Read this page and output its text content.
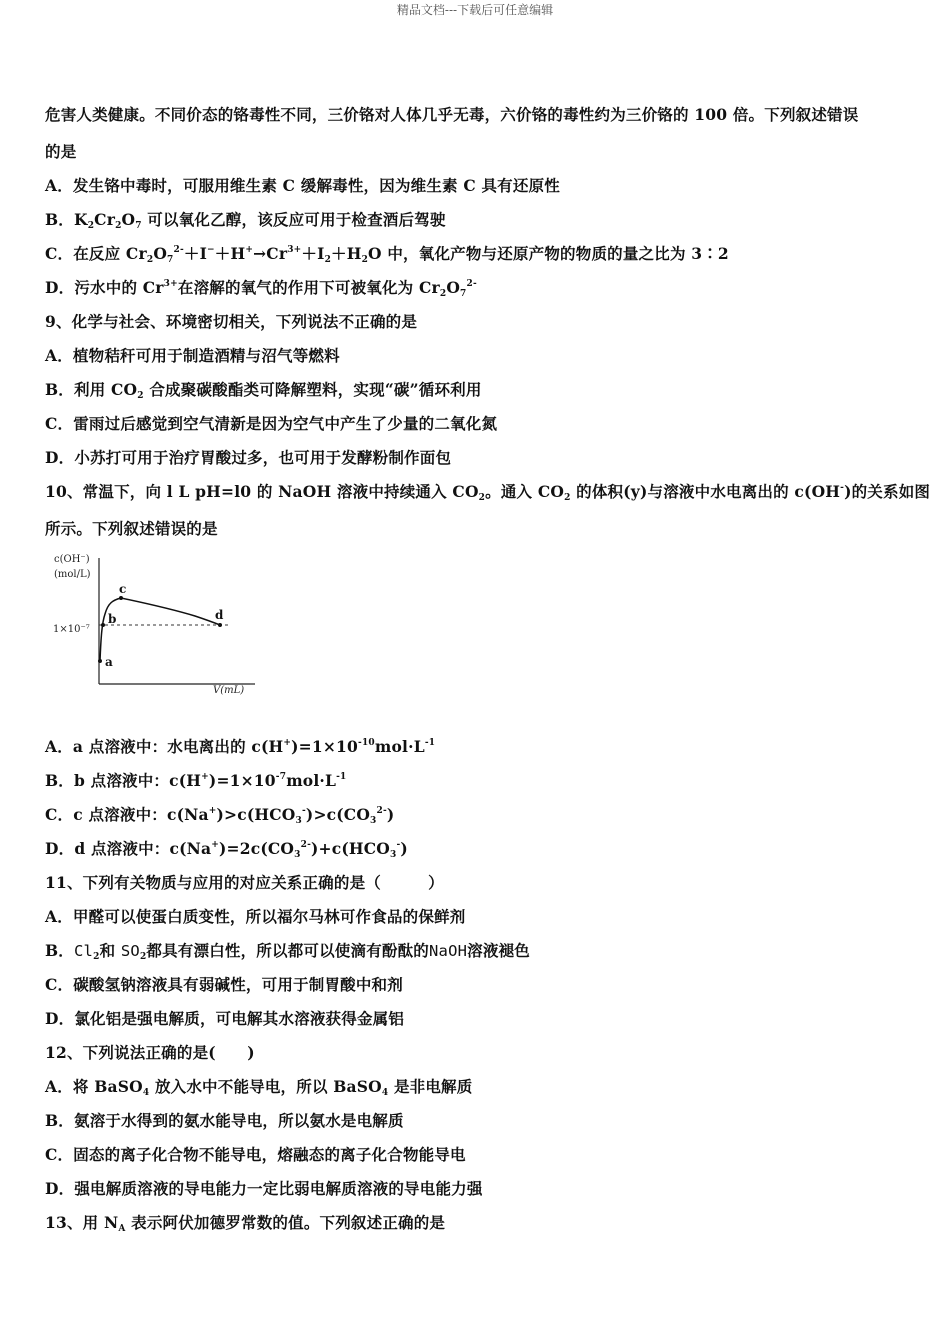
精品文档---下载后可任意编辑
危害人类健康。不同价态的铬毒性不同，三价铬对人体几乎无毒，六价铬的毒性约为三价铬的 100 倍。下列叙述错误
的是
A．发生铬中毒时，可服用维生素 C 缓解毒性，因为维生素 C 具有还原性
B．$K_2Cr_2O_7$ 可以氧化乙醇，该反应可用于检查酒后驾驶
C．在反应 $Cr_2O_7^{2-}+I^-+H^+\to Cr^{3+}+I_2+H_2O$ 中，氧化产物与还原产物的物质的量之比为 3∶2
D．污水中的 $Cr^{3+}$在溶解的氧气的作用下可被氧化为 $Cr_2O_7^{2-}$
9、化学与社会、环境密切相关，下列说法不正确的是
A．植物秸秆可用于制造酒精与沼气等燃料
B．利用 $CO_2$ 合成聚碳酸酯类可降解塑料，实现“碳”循环利用
C．雷雨过后感觉到空气清新是因为空气中产生了少量的二氧化氮
D．小苏打可用于治疗胃酸过多，也可用于发酵粉制作面包
10、常温下，向 l L pH=l0 的 NaOH 溶液中持续通入 $CO_2$。通入 $CO_2$ 的体积(y)与溶液中水电离出的 c(OH-)的关系如图
所示。下列叙述错误的是
c(OH⁻)
(mol/L)
1×10⁻⁷
a
b
c
d
V(mL)
A．a 点溶液中：水电离出的 $c(H^+)=1\times 10^{-10}mol\cdot L^{-1}$
B．b 点溶液中：$c(H^+)=1\times 10^{-7}mol\cdot L^{-1}$
C．c 点溶液中：$c(Na^+)>c(HCO_3^-)>c(CO_3^{2-})$
D．d 点溶液中：$c(Na^+)=2c(CO_3^{2-})+c(HCO_3^-)$
11、下列有关物质与应用的对应关系正确的是（　　　）
A．甲醛可以使蛋白质变性，所以福尔马林可作食品的保鲜剂
B．$Cl_2$和 $SO_2$都具有漂白性，所以都可以使滴有酚酞的NaOH溶液褪色
C．碳酸氢钠溶液具有弱碱性，可用于制胃酸中和剂
D．氯化铝是强电解质，可电解其水溶液获得金属铝
12、下列说法正确的是(　　)
A．将 BaSO$_4$ 放入水中不能导电，所以 BaSO$_4$ 是非电解质
B．氨溶于水得到的氨水能导电，所以氨水是电解质
C．固态的离子化合物不能导电，熔融态的离子化合物能导电
D．强电解质溶液的导电能力一定比弱电解质溶液的导电能力强
13、用 $N_A$ 表示阿伏加德罗常数的值。下列叙述正确的是
